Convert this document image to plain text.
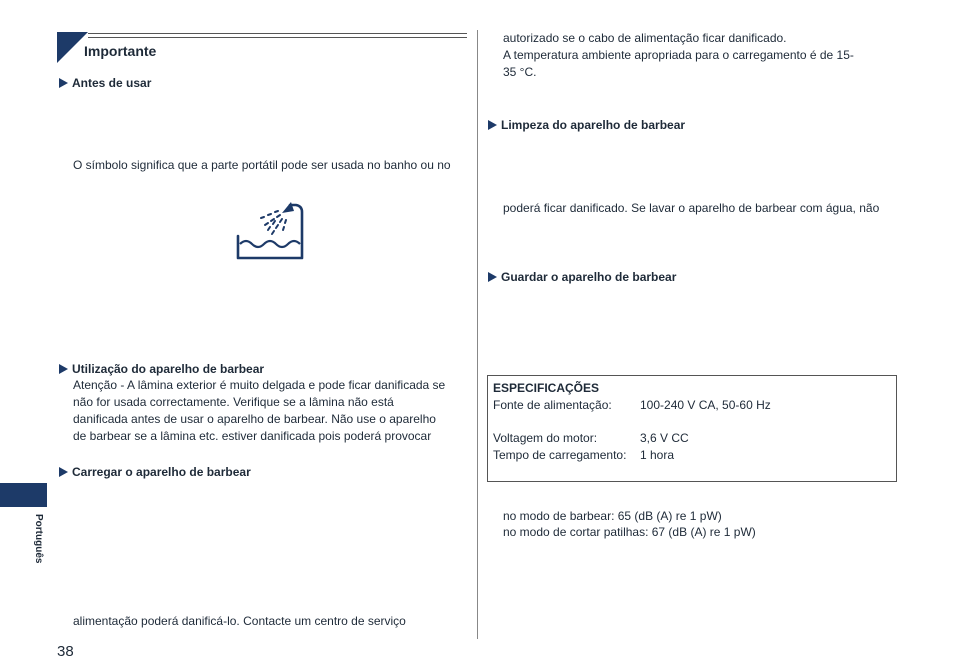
Importante
Antes de usar
O símbolo significa que a parte portátil pode ser usada no banho ou no
Utilização do aparelho de barbear
Atenção - A lâmina exterior é muito delgada e pode ficar danificada se
não for usada correctamente. Verifique se a lâmina não está
danificada antes de usar o aparelho de barbear. Não use o aparelho
de barbear se a lâmina etc. estiver danificada pois poderá provocar
Carregar o aparelho de barbear
alimentação poderá danificá-lo. Contacte um centro de serviço
Português
38
autorizado se o cabo de alimentação ficar danificado.
A temperatura ambiente apropriada para o carregamento é de 15-
35 °C.
Limpeza do aparelho de barbear
poderá ficar danificado. Se lavar o aparelho de barbear com água, não
Guardar o aparelho de barbear
ESPECIFICAÇÕES
Fonte de alimentação: 100-240 V CA, 50-60 Hz
Voltagem do motor:	3,6 V CC
Tempo de carregamento: 1 hora
no modo de barbear: 65 (dB (A) re 1 pW)
no modo de cortar patilhas: 67 (dB (A) re 1 pW)
